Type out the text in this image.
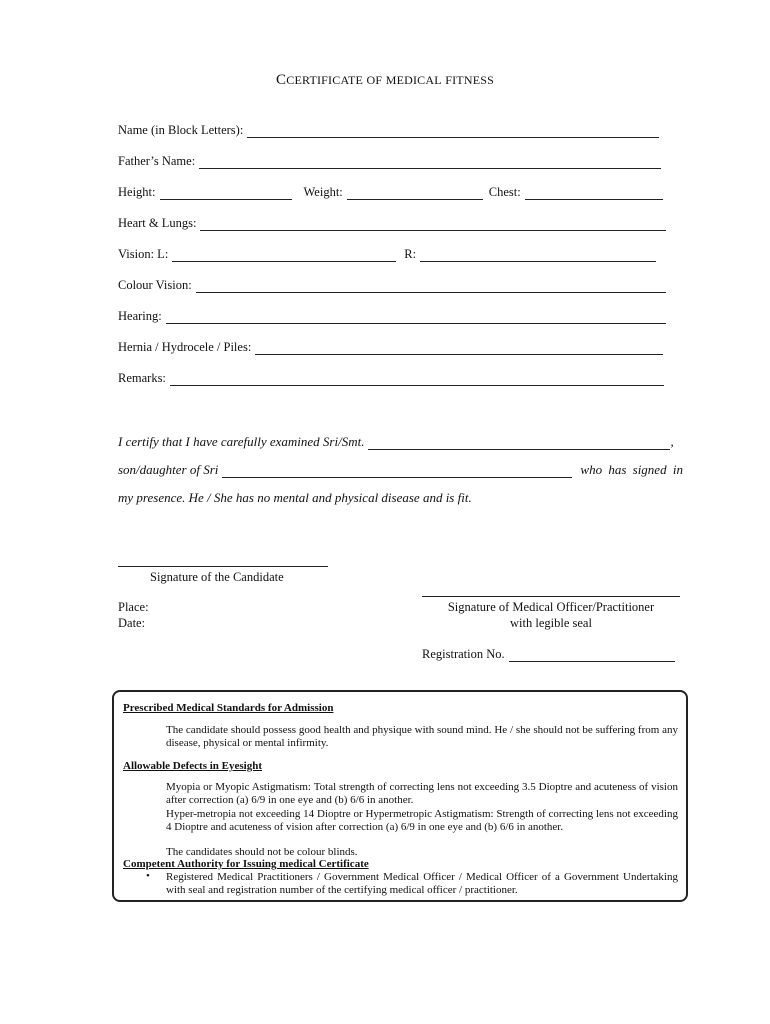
CCERTIFICATE OF MEDICAL FITNESS
Name (in Block Letters):
Father’s Name:
Height:	Weight:	Chest:
Heart & Lungs:
Vision: L:	R:
Colour Vision:
Hearing:
Hernia / Hydrocele / Piles:
Remarks:
I certify that I have carefully examined Sri/Smt.	,
son/daughter of Sri	who has signed in
my presence. He / She has no mental and physical disease and is fit.
Signature of the Candidate
Place:
Date:
Signature of Medical Officer/Practitioner
with legible seal
Registration No.
Prescribed Medical Standards for Admission
The candidate should possess good health and physique with sound mind. He / she should not be suffering from any disease, physical or mental infirmity.
Allowable Defects in Eyesight
Myopia or Myopic Astigmatism: Total strength of correcting lens not exceeding 3.5 Dioptre and acuteness of vision after correction (a) 6/9 in one eye and (b) 6/6 in another.
Hyper-metropia not exceeding 14 Dioptre or Hypermetropic Astigmatism: Strength of correcting lens not exceeding 4 Dioptre and acuteness of vision after correction (a) 6/9 in one eye and (b) 6/6 in another.
The candidates should not be colour blinds.
Competent Authority for Issuing medical Certificate
• Registered Medical Practitioners / Government Medical Officer / Medical Officer of a Government Undertaking with seal and registration number of the certifying medical officer / practitioner.
